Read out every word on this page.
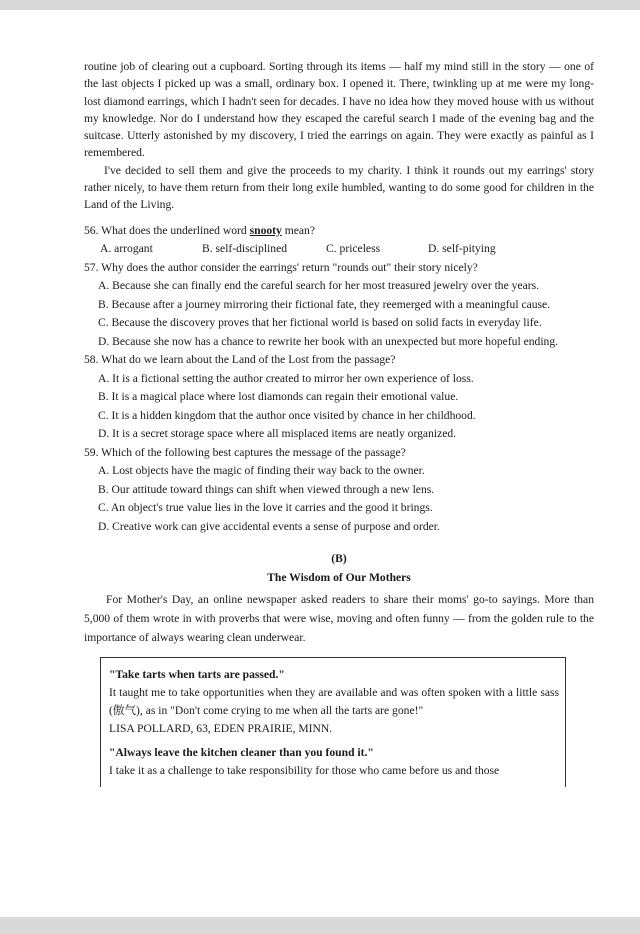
routine job of clearing out a cupboard. Sorting through its items — half my mind still in the story — one of the last objects I picked up was a small, ordinary box. I opened it. There, twinkling up at me were my long-lost diamond earrings, which I hadn't seen for decades. I have no idea how they moved house with us without my knowledge. Nor do I understand how they escaped the careful search I made of the evening bag and the suitcase. Utterly astonished by my discovery, I tried the earrings on again. They were exactly as painful as I remembered.

I've decided to sell them and give the proceeds to my charity. I think it rounds out my earrings' story rather nicely, to have them return from their long exile humbled, wanting to do some good for children in the Land of the Living.

56. What does the underlined word snooty mean?
A. arrogant	B. self-disciplined	C. priceless	D. self-pitying
57. Why does the author consider the earrings' return "rounds out" their story nicely?
A. Because she can finally end the careful search for her most treasured jewelry over the years.
B. Because after a journey mirroring their fictional fate, they reemerged with a meaningful cause.
C. Because the discovery proves that her fictional world is based on solid facts in everyday life.
D. Because she now has a chance to rewrite her book with an unexpected but more hopeful ending.
58. What do we learn about the Land of the Lost from the passage?
A. It is a fictional setting the author created to mirror her own experience of loss.
B. It is a magical place where lost diamonds can regain their emotional value.
C. It is a hidden kingdom that the author once visited by chance in her childhood.
D. It is a secret storage space where all misplaced items are neatly organized.
59. Which of the following best captures the message of the passage?
A. Lost objects have the magic of finding their way back to the owner.
B. Our attitude toward things can shift when viewed through a new lens.
C. An object's true value lies in the love it carries and the good it brings.
D. Creative work can give accidental events a sense of purpose and order.
(B)
The Wisdom of Our Mothers

For Mother's Day, an online newspaper asked readers to share their moms' go-to sayings. More than 5,000 of them wrote in with proverbs that were wise, moving and often funny — from the golden rule to the importance of always wearing clean underwear.

"Take tarts when tarts are passed."

It taught me to take opportunities when they are available and was often spoken with a little sass (傲气), as in "Don't come crying to me when all the tarts are gone!"

LISA POLLARD, 63, EDEN PRAIRIE, MINN.
"Always leave the kitchen cleaner than you found it."

I take it as a challenge to take responsibility for those who came before us and those
